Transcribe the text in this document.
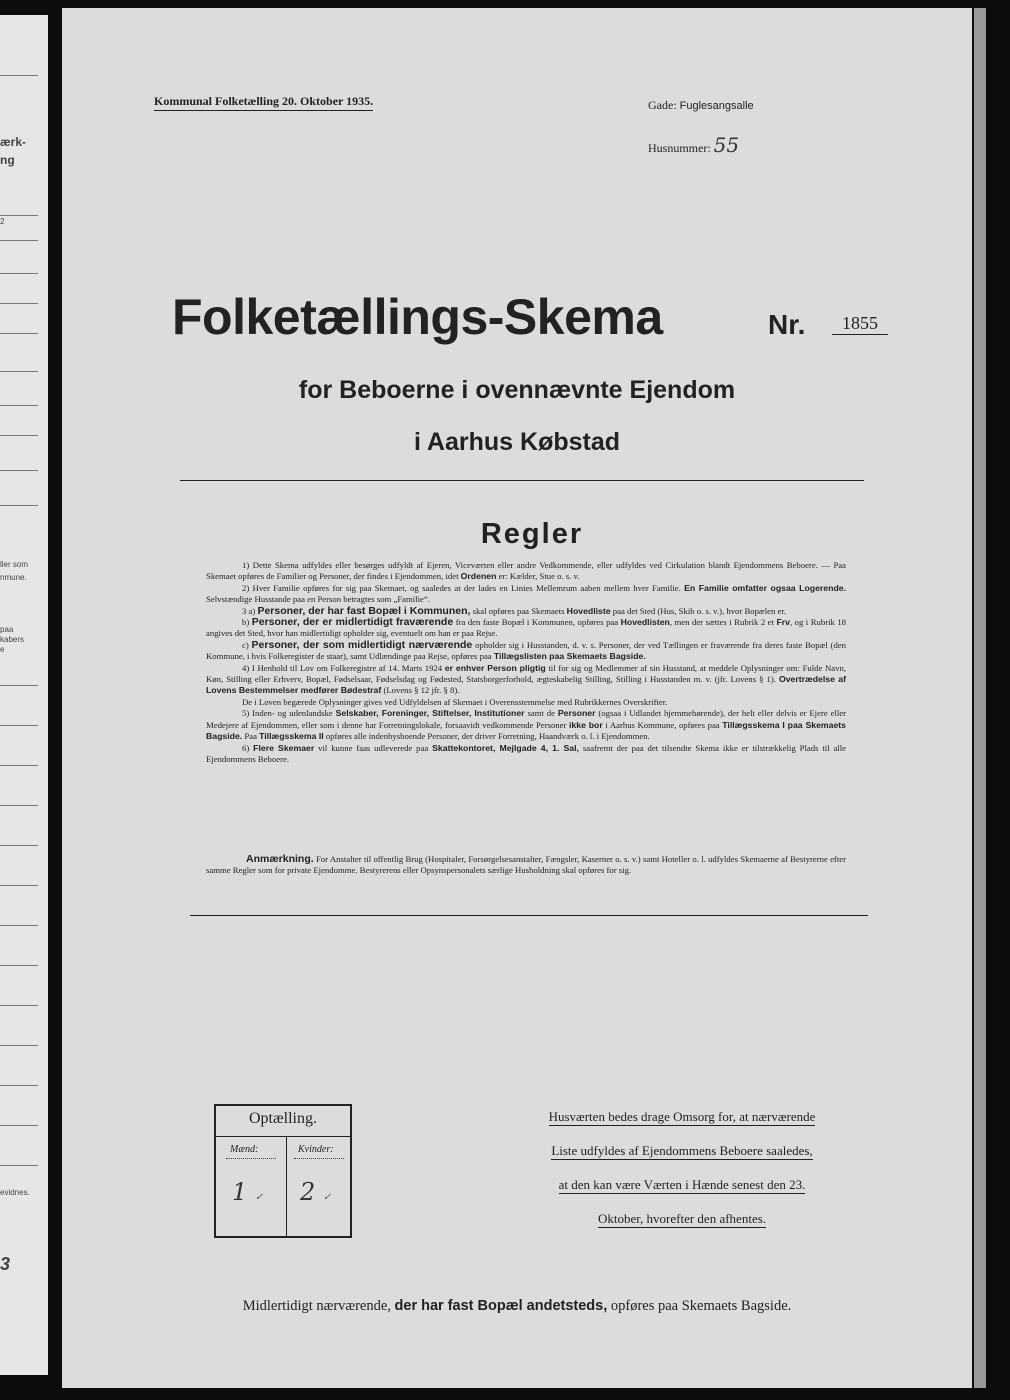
ærk-
ng
2
ller som
nmune.
paa
kabers
e
evidnes.
3
Kommunal Folketælling 20. Oktober 1935.	Gade: Fuglesangsalle
Husnummer: 55
Folketællings-Skema	Nr.	1855
for Beboerne i ovennævnte Ejendom
i Aarhus Købstad
Regler

1) Dette Skema udfyldes eller besørges udfyldt af Ejeren, Viceværten eller andre Vedkommende, eller udfyldes ved Cirkulation blandt Ejendommens Beboere. — Paa Skemaet opføres de Familier og Personer, der findes i Ejendommen, idet Ordenen er: Kælder, Stue o. s. v.

2) Hver Familie opføres for sig paa Skemaet, og saaledes at der lades en Linies Mellemrum aaben mellem hver Familie. En Familie omfatter ogsaa Logerende. Selvstændige Husstande paa en Person betragtes som „Familie“.

3 a) Personer, der har fast Bopæl i Kommunen, skal opføres paa Skemaets Hovedliste paa det Sted (Hus, Skib o. s. v.), hvor Bopælen er.

b) Personer, der er midlertidigt fraværende fra den faste Bopæl i Kommunen, opføres paa Hovedlisten, men der sættes i Rubrik 2 et Frv, og i Rubrik 18 angives det Sted, hvor han midlertidigt opholder sig, eventuelt om han er paa Rejse.

c) Personer, der som midlertidigt nærværende opholder sig i Husstanden, d. v. s. Personer, der ved Tællingen er fraværende fra deres faste Bopæl (den Kommune, i hvis Folkeregister de staar), samt Udlændinge paa Rejse, opføres paa Tillægslisten paa Skemaets Bagside.

4) I Henhold til Lov om Folkeregistre af 14. Marts 1924 er enhver Person pligtig til for sig og Medlemmer af sin Husstand, at meddele Oplysninger om: Fulde Navn, Køn, Stilling eller Erhverv, Bopæl, Fødselsaar, Fødselsdag og Fødested, Statsborgerforhold, ægteskabelig Stilling, Stilling i Husstanden m. v. (jfr. Lovens § 1). Overtrædelse af Lovens Bestemmelser medfører Bødestraf (Lovens § 12 jfr. § 8).

De i Loven begærede Oplysninger gives ved Udfyldelsen af Skemaet i Overensstemmelse med Rubrikkernes Overskrifter.

5) Inden- og udenlandske Selskaber, Foreninger, Stiftelser, Institutioner samt de Personer (ogsaa i Udlandet hjemmehørende), der helt eller delvis er Ejere eller Medejere af Ejendommen, eller som i denne har Forretningslokale, forsaavidt vedkommende Personer ikke bor i Aarhus Kommune, opføres paa Tillægsskema I paa Skemaets Bagside. Paa Tillægsskema II opføres alle indenbysboende Personer, der driver Forretning, Haandværk o. l. i Ejendommen.

6) Flere Skemaer vil kunne faas udleverede paa Skattekontoret, Mejlgade 4, 1. Sal, saafremt der paa det tilsendte Skema ikke er tilstrækkelig Plads til alle Ejendommens Beboere.

Anmærkning. For Anstalter til offentlig Brug (Hospitaler, Forsørgelsesanstalter, Fængsler, Kaserner o. s. v.) samt Hoteller o. l. udfyldes Skemaerne af Bestyrerne efter samme Regler som for private Ejendomme. Bestyrerens eller Opsynspersonalets særlige Husholdning skal opføres for sig.

Optælling.
Mænd:	Kvinder:
1 ✓ 2 ✓
Husværten bedes drage Omsorg for, at nærværende
Liste udfyldes af Ejendommens Beboere saaledes,
at den kan være Værten i Hænde senest den 23.
Oktober, hvorefter den afhentes.
Midlertidigt nærværende, der har fast Bopæl andetsteds, opføres paa Skemaets Bagside.
